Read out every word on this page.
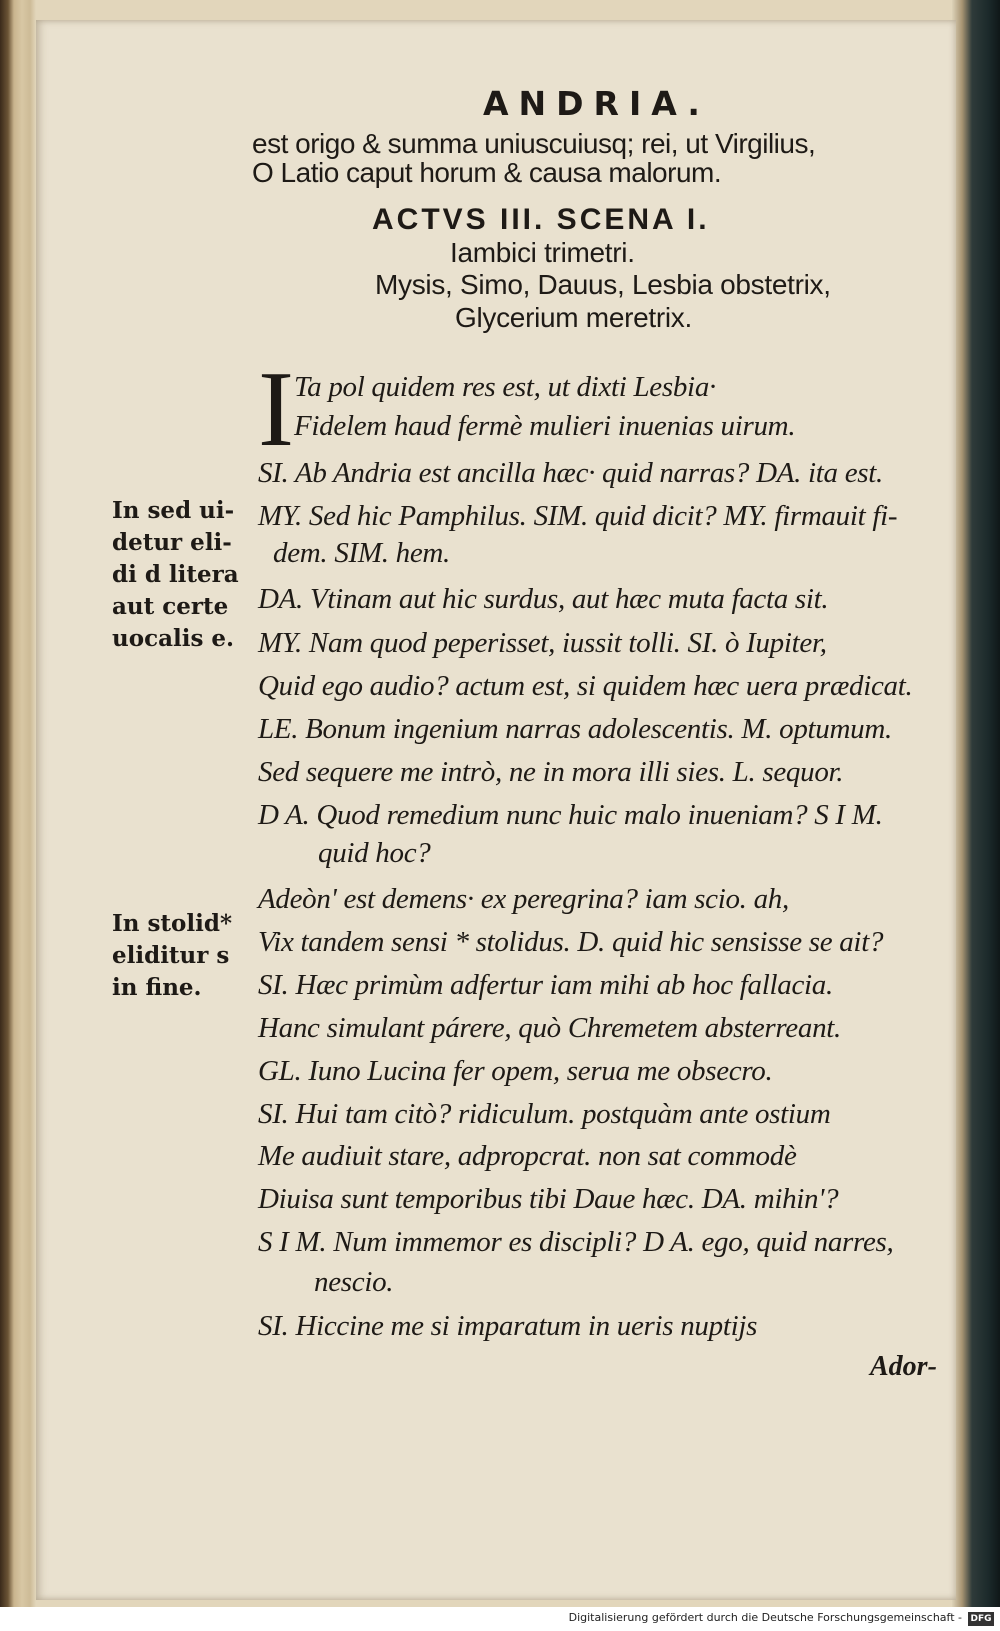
ANDRIA.
est origo & summa uniuscuiusq; rei, ut Virgilius,
O Latio caput horum & causa malorum.
ACTVS III. SCENA I.
Iambici trimetri.
Mysis, Simo, Dauus, Lesbia obstetrix,
Glycerium meretrix.
I Ta pol quidem res est, ut dixti Lesbia·
Fidelem haud fermè mulieri inuenias uirum.
SI. Ab Andria est ancilla hæc· quid narras? DA. ita est.
MY. Sed hic Pamphilus. SIM. quid dicit? MY. firmauit fi-
dem. SIM. hem.
DA. Vtinam aut hic surdus, aut hæc muta facta sit.
MY. Nam quod peperisset, iussit tolli. SI. ò Iupiter,
Quid ego audio? actum est, si quidem hæc uera prædicat.
LE. Bonum ingenium narras adolescentis. M. optumum.
Sed sequere me intrò, ne in mora illi sies. L. sequor.
D A. Quod remedium nunc huic malo inueniam? S I M.
quid hoc?
Adeòn' est demens· ex peregrina? iam scio. ah,
Vix tandem sensi * stolidus. D. quid hic sensisse se ait?
SI. Hæc primùm adfertur iam mihi ab hoc fallacia.
Hanc simulant párere, quò Chremetem absterreant.
GL. Iuno Lucina fer opem, serua me obsecro.
SI. Hui tam citò? ridiculum. postquàm ante ostium
Me audiuit stare, adpropcrat. non sat commodè
Diuisa sunt temporibus tibi Daue hæc. DA. mihin'?
S I M. Num immemor es discipli? D A. ego, quid narres,
nescio.
SI. Hiccine me si imparatum in ueris nuptijs
Ador-
In sed ui-
detur eli-
di d litera
aut certe
uocalis e.
In stolid*
eliditur s
in fine.
Digitalisierung gefördert durch die Deutsche Forschungsgemeinschaft - DFG
